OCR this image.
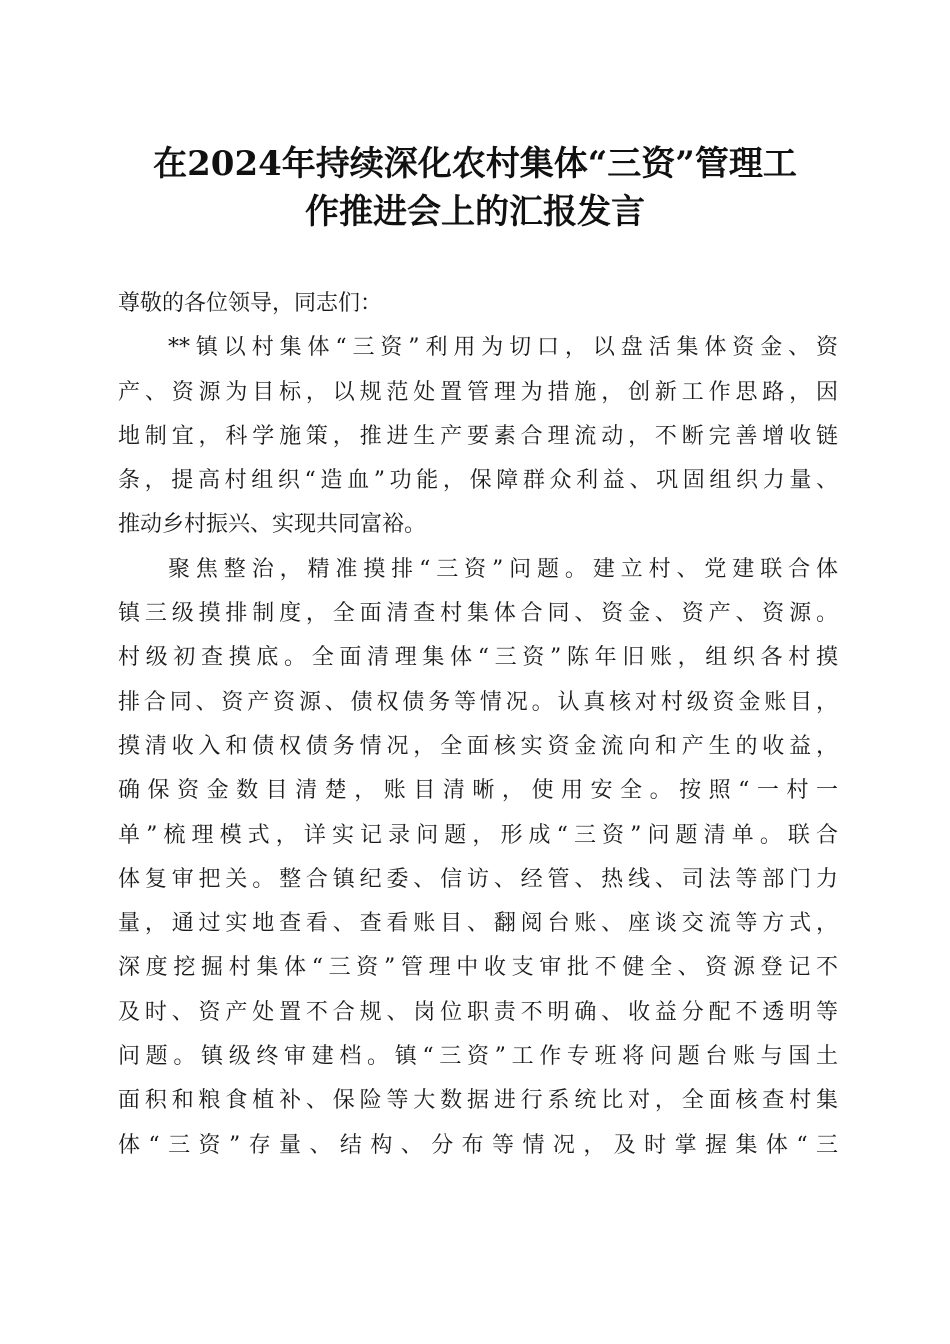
在2024年持续深化农村集体“三资”管理工
作推进会上的汇报发言
尊敬的各位领导，同志们：
**镇以村集体“三资”利用为切口，以盘活集体资金、资
产、资源为目标，以规范处置管理为措施，创新工作思路，因
地制宜，科学施策，推进生产要素合理流动，不断完善增收链
条，提高村组织“造血”功能，保障群众利益、巩固组织力量、
推动乡村振兴、实现共同富裕。
聚焦整治，精准摸排“三资”问题。建立村、党建联合体
镇三级摸排制度，全面清查村集体合同、资金、资产、资源。
村级初查摸底。全面清理集体“三资”陈年旧账，组织各村摸
排合同、资产资源、债权债务等情况。认真核对村级资金账目，
摸清收入和债权债务情况，全面核实资金流向和产生的收益，
确保资金数目清楚，账目清晰，使用安全。按照“一村一
单”梳理模式，详实记录问题，形成“三资”问题清单。联合
体复审把关。整合镇纪委、信访、经管、热线、司法等部门力
量，通过实地查看、查看账目、翻阅台账、座谈交流等方式，
深度挖掘村集体“三资”管理中收支审批不健全、资源登记不
及时、资产处置不合规、岗位职责不明确、收益分配不透明等
问题。镇级终审建档。镇“三资”工作专班将问题台账与国土
面积和粮食植补、保险等大数据进行系统比对，全面核查村集
体“三资”存量、结构、分布等情况，及时掌握集体“三
